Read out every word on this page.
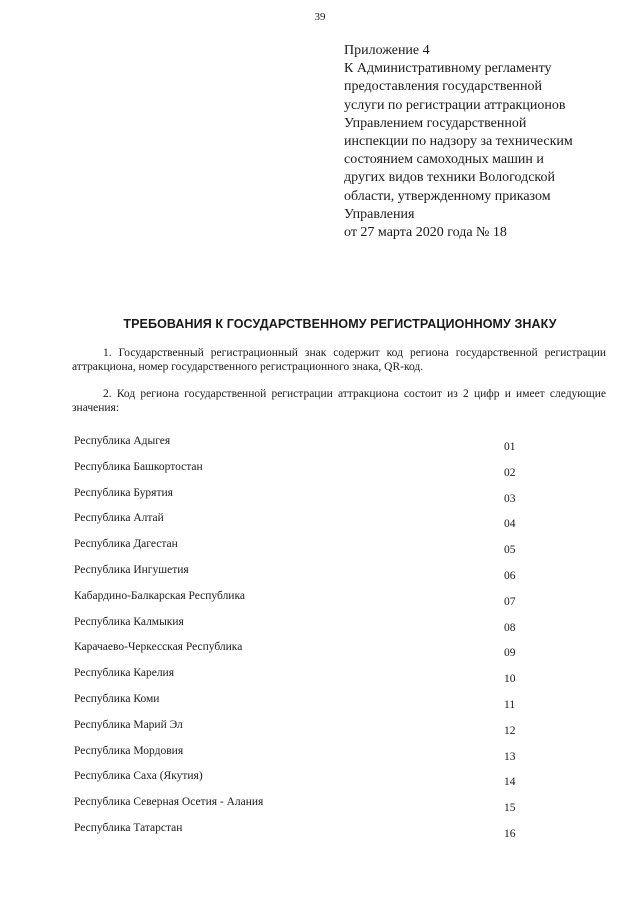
39
Приложение 4
К Административному регламенту
предоставления государственной
услуги по регистрации аттракционов
Управлением государственной
инспекции по надзору за техническим
состоянием самоходных машин и
других видов техники Вологодской
области, утвержденному приказом
Управления
от 27 марта 2020 года № 18
ТРЕБОВАНИЯ К ГОСУДАРСТВЕННОМУ РЕГИСТРАЦИОННОМУ ЗНАКУ

1. Государственный регистрационный знак содержит код региона государственной регистрации аттракциона, номер государственного регистрационного знака, QR-код.

2. Код региона государственной регистрации аттракциона состоит из 2 цифр и имеет следующие значения:

Республика Адыгея	01
Республика Башкортостан	02
Республика Бурятия	03
Республика Алтай	04
Республика Дагестан	05
Республика Ингушетия	06
Кабардино-Балкарская Республика	07
Республика Калмыкия	08
Карачаево-Черкесская Республика	09
Республика Карелия	10
Республика Коми	11
Республика Марий Эл	12
Республика Мордовия	13
Республика Саха (Якутия)	14
Республика Северная Осетия - Алания	15
Республика Татарстан	16
